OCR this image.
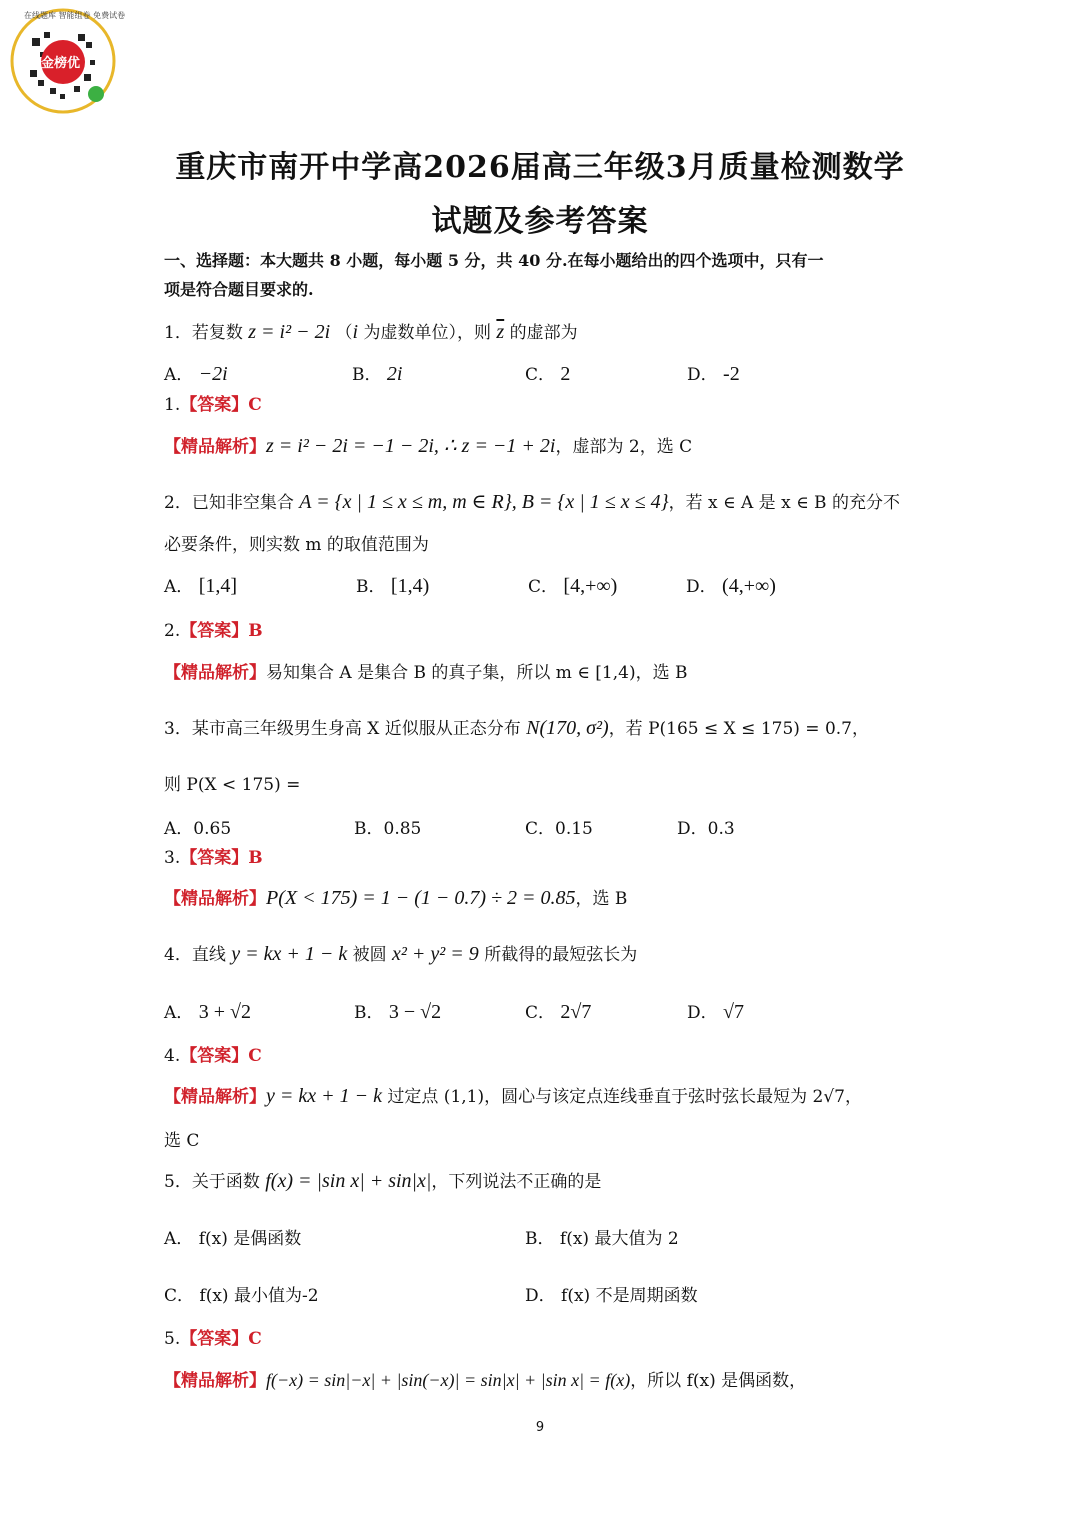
金榜优
在线题库 智能组卷 免费试卷
重庆市南开中学高2026届高三年级3月质量检测数学
试题及参考答案
一、选择题：本大题共 8 小题，每小题 5 分，共 40 分.在每小题给出的四个选项中，只有一
项是符合题目要求的.
1．若复数 z = i² − 2i （i 为虚数单位），则 $\overline{z}$ 的虚部为
A． −2i	B． 2i	C． 2	D． -2
1.【答案】C
【精品解析】z = i² − 2i = −1 − 2i, ∴ z = −1 + 2i，虚部为 2，选 C
2．已知非空集合 A = {x | 1 ≤ x ≤ m, m ∈ R}, B = {x | 1 ≤ x ≤ 4}，若 x ∈ A 是 x ∈ B 的充分不
必要条件，则实数 m 的取值范围为
A． [1,4]	B． [1,4)	C． [4,+∞)	D． (4,+∞)
2.【答案】B
【精品解析】易知集合 A 是集合 B 的真子集，所以 m ∈ [1,4)，选 B
3．某市高三年级男生身高 X 近似服从正态分布 N(170, σ²)，若 P(165 ≤ X ≤ 175) = 0.7，
则 P(X < 175) =
A．0.65	B．0.85	C．0.15	D．0.3
3.【答案】B
【精品解析】P(X < 175) = 1 − (1 − 0.7) ÷ 2 = 0.85，选 B
4．直线 y = kx + 1 − k 被圆 x² + y² = 9 所截得的最短弦长为
A． 3 + √2	B． 3 − √2	C． 2√7	D． √7
4.【答案】C
【精品解析】y = kx + 1 − k 过定点 (1,1)，圆心与该定点连线垂直于弦时弦长最短为 2√7，
选 C
5．关于函数 f(x) = |sin x| + sin|x|，下列说法不正确的是
A． f(x) 是偶函数	B． f(x) 最大值为 2
C． f(x) 最小值为-2	D． f(x) 不是周期函数
5.【答案】C
【精品解析】f(−x) = sin|−x| + |sin(−x)| = sin|x| + |sin x| = f(x)，所以 f(x) 是偶函数，
9
